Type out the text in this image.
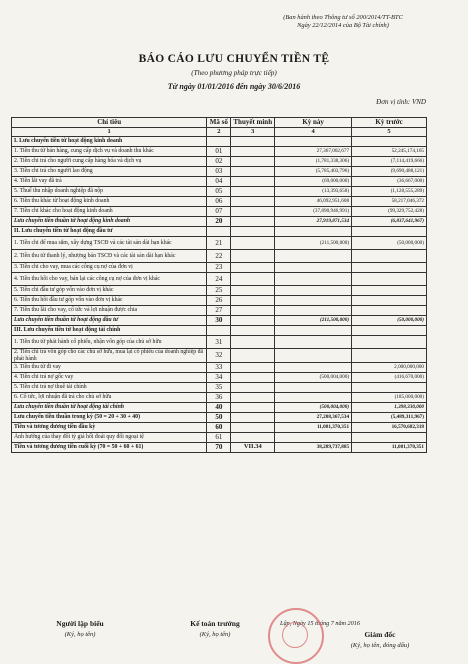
(Ban hành theo Thông tư số 200/2014/TT-BTC
Ngày 22/12/2014 của Bộ Tài chính)
BÁO CÁO LƯU CHUYỂN TIỀN TỆ
(Theo phương pháp trực tiếp)
Từ ngày 01/01/2016 đến ngày 30/6/2016
Đơn vị tính: VND
Chỉ tiêu	Mã số	Thuyết minh	Kỳ này	Kỳ trước
1	2	3	4	5
I. Lưu chuyển tiền từ hoạt động kinh doanh				
1. Tiền thu từ bán hàng, cung cấp dịch vụ và doanh thu khác	01		27,367,002,677	52,245,174,165
2. Tiền chi trả cho người cung cấp hàng hóa và dịch vụ	02		(1,781,338,306)	(7,114,419,666)
3. Tiền chi trả cho người lao động	03		(5,785,403,796)	(9,690,488,121)
4. Tiền lãi vay đã trả	04		(69,000,000)	(36,667,000)
5. Thuế thu nhập doanh nghiệp đã nộp	05		(13,393,658)	(1,128,555,289)
6. Tiền thu khác từ hoạt động kinh doanh	06		46,092,951,608	58,217,046,372
7. Tiền chi khác cho hoạt động kinh doanh	07		(37,890,946,991)	(99,329,752,428)
Lưu chuyển tiền thuần từ hoạt động kinh doanh	20		27,919,871,534	(6,837,641,967)
II. Lưu chuyển tiền từ hoạt động đầu tư				
1. Tiền chi để mua sắm, xây dựng TSCĐ và các tài sản dài hạn khác	21		(211,500,000)	(50,000,000)
2. Tiền thu từ thanh lý, nhượng bán TSCĐ và các tài sản dài hạn khác	22			
3. Tiền chi cho vay, mua các công cụ nợ của đơn vị	23			
4. Tiền thu hồi cho vay, bán lại các công cụ nợ của đơn vị khác	24			
5. Tiền chi đầu tư góp vốn vào đơn vị khác	25			
6. Tiền thu hồi đầu tư góp vốn vào đơn vị khác	26			
7. Tiền thu lãi cho vay, cổ tức và lợi nhuận được chia	27			
Lưu chuyển tiền thuần từ hoạt động đầu tư	30		(211,500,000)	(50,000,000)
III. Lưu chuyển tiền từ hoạt động tài chính				
1. Tiền thu từ phát hành cổ phiếu, nhận vốn góp của chủ sở hữu	31			
2. Tiền chi trả vốn góp cho các chủ sở hữu, mua lại cổ phiếu của doanh nghiệp đã phát hành	32			
3. Tiền thu từ đi vay	33			2,000,000,000
4. Tiền chi trả nợ gốc vay	34		(500,004,000)	(416,670,000)
5. Tiền chi trả nợ thuê tài chính	35			
6. Cổ tức, lợi nhuận đã trả cho chủ sở hữu	36			(185,000,000)
Lưu chuyển tiền thuần từ hoạt động tài chính	40		(500,004,000)	1,398,330,000
Lưu chuyển tiền thuần trong kỳ (50 = 20 + 30 + 40)	50		27,208,367,534	(5,489,311,967)
Tiền và tương đương tiền đầu kỳ	60		11,081,370,351	16,570,682,318
Ảnh hưởng của thay đổi tỷ giá hối đoái quy đổi ngoại tệ	61			
Tiền và tương đương tiền cuối kỳ (70 = 50 + 60 + 61)	70	VII.34	38,289,737,885	11,081,370,351
Người lập biểu
(Ký, họ tên)
Kế toán trưởng
(Ký, họ tên)
Lập, Ngày 15 tháng 7 năm 2016
Giám đốc
(Ký, họ tên, đóng dấu)
